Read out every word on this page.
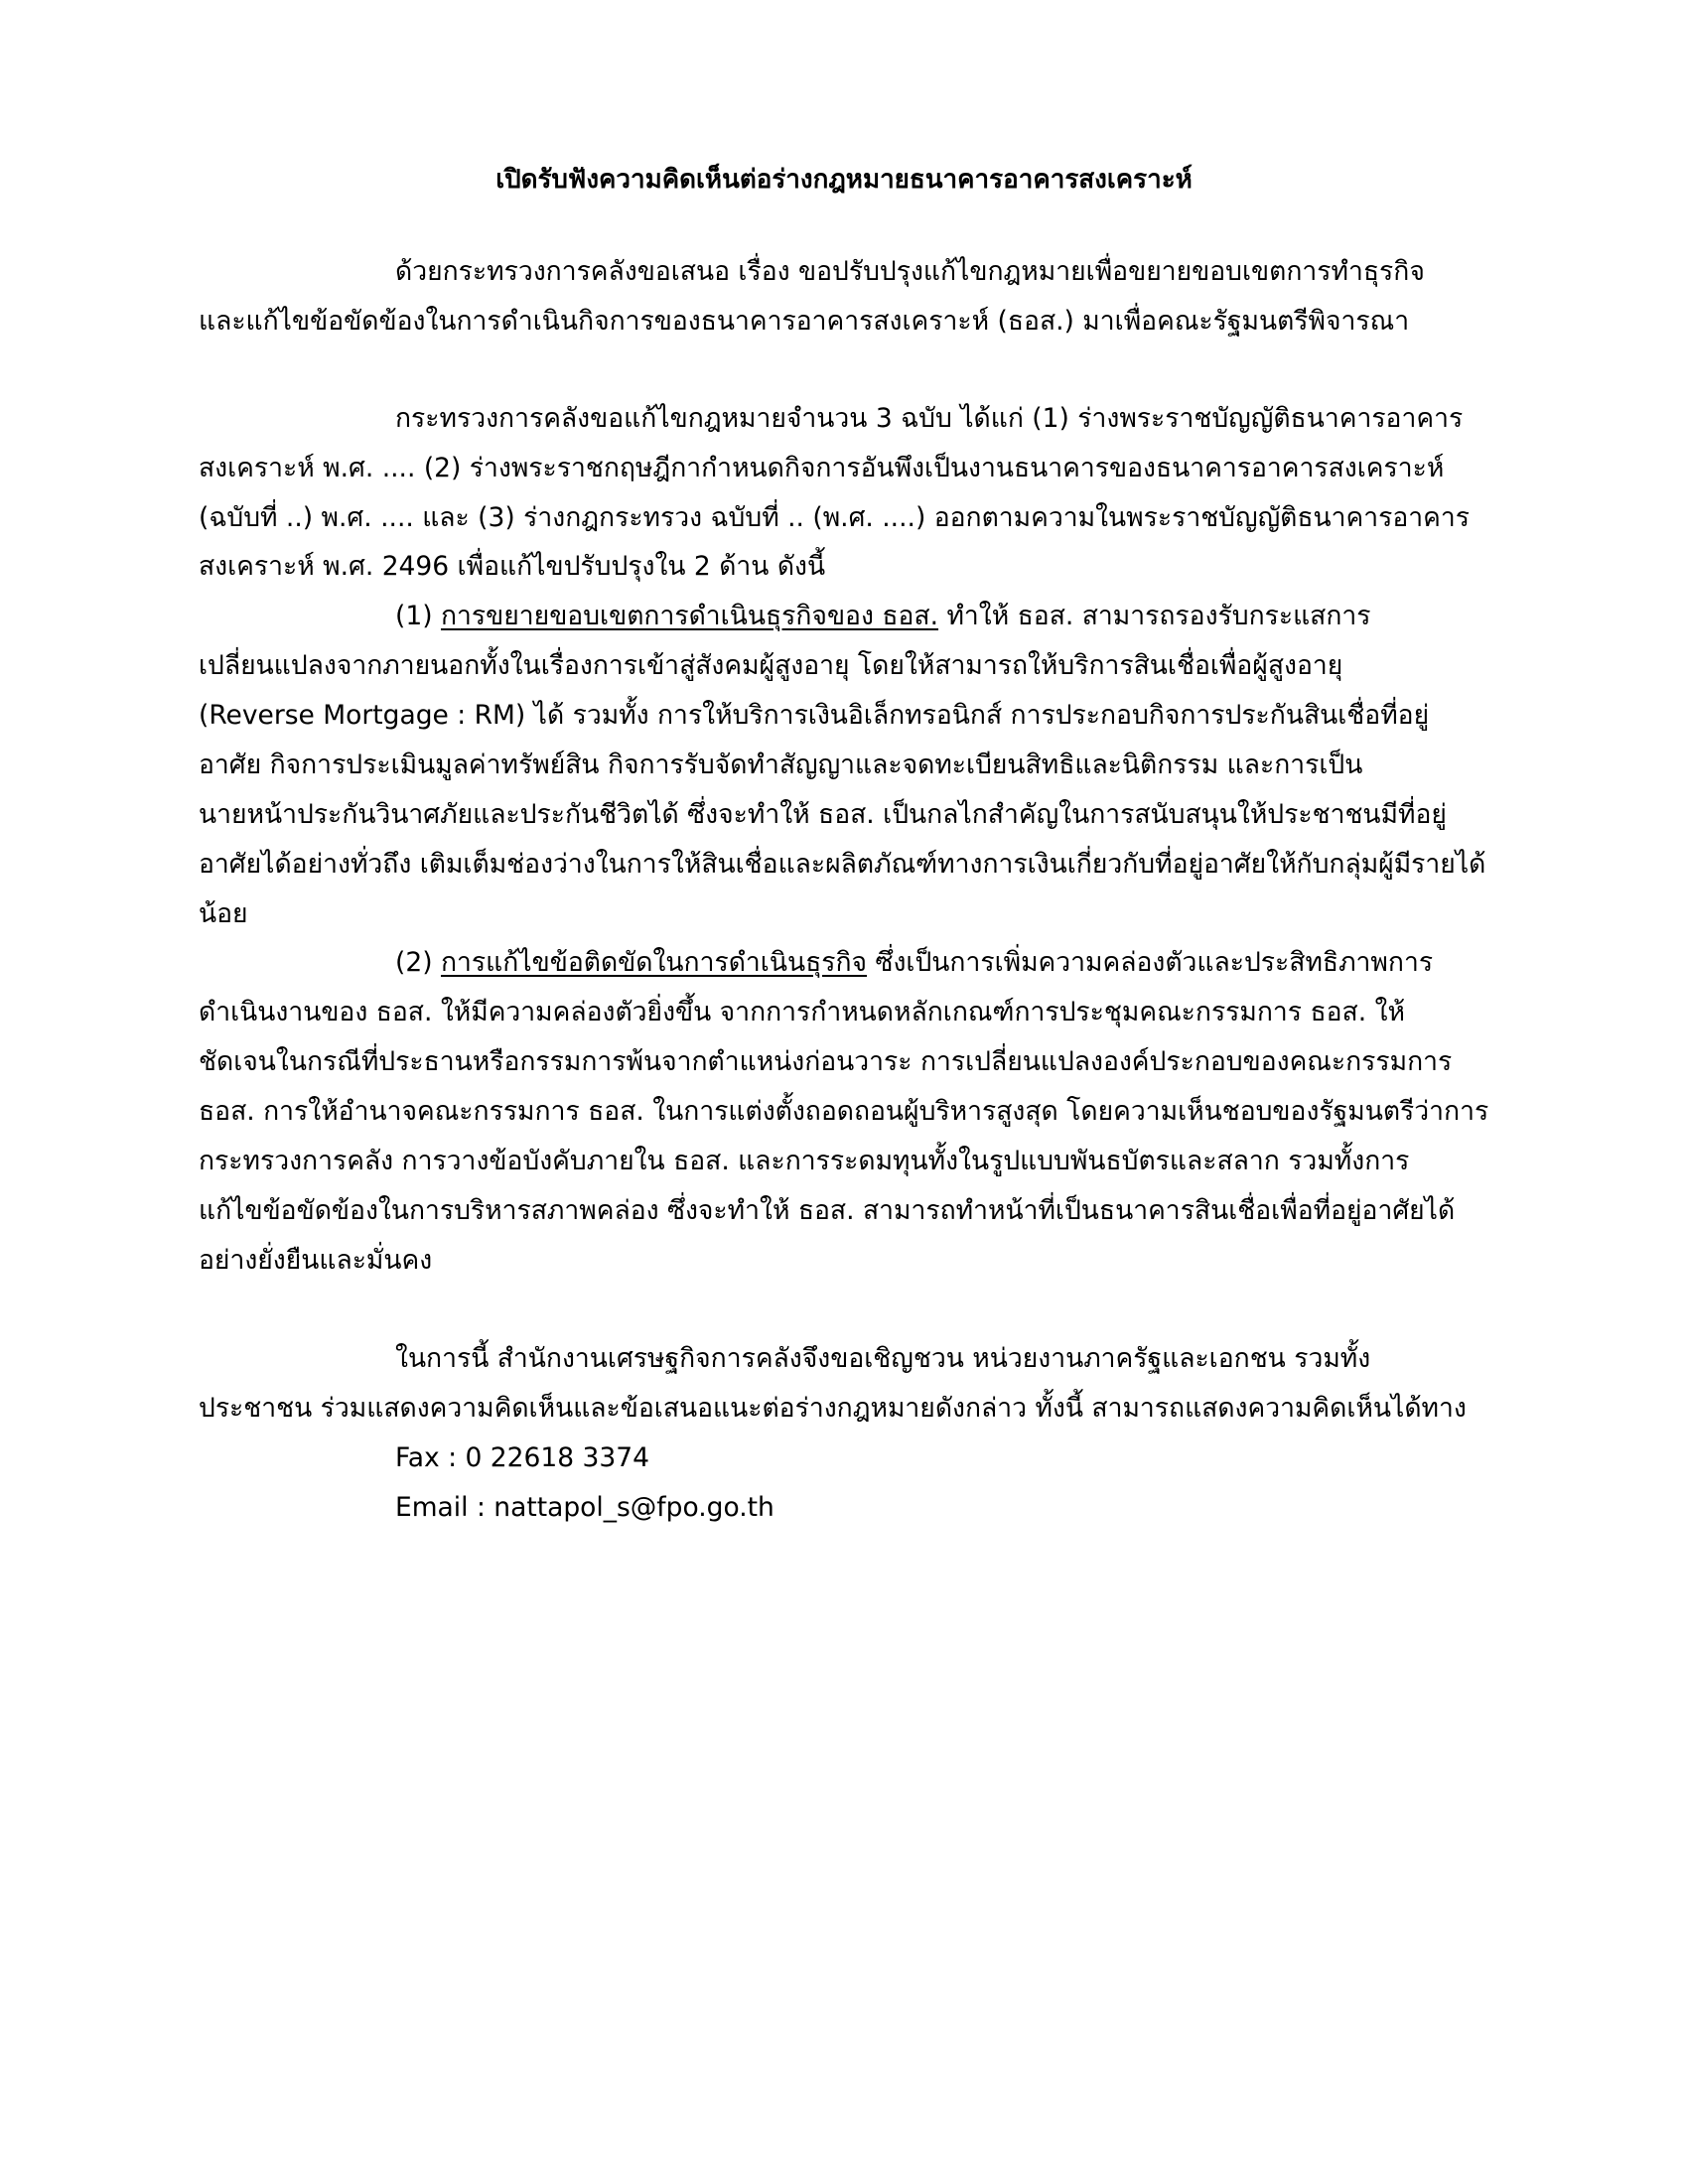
เปิดรับฟังความคิดเห็นต่อร่างกฎหมายธนาคารอาคารสงเคราะห์
ด้วยกระทรวงการคลังขอเสนอ เรื่อง ขอปรับปรุงแก้ไขกฎหมายเพื่อขยายขอบเขตการทำธุรกิจ
และแก้ไขข้อขัดข้องในการดำเนินกิจการของธนาคารอาคารสงเคราะห์ (ธอส.) มาเพื่อคณะรัฐมนตรีพิจารณา
กระทรวงการคลังขอแก้ไขกฎหมายจำนวน 3 ฉบับ ได้แก่ (1) ร่างพระราชบัญญัติธนาคารอาคาร
สงเคราะห์ พ.ศ. .... (2) ร่างพระราชกฤษฎีกากำหนดกิจการอันพึงเป็นงานธนาคารของธนาคารอาคารสงเคราะห์
(ฉบับที่ ..) พ.ศ. .... และ (3) ร่างกฎกระทรวง ฉบับที่ .. (พ.ศ. ....) ออกตามความในพระราชบัญญัติธนาคารอาคาร
สงเคราะห์ พ.ศ. 2496 เพื่อแก้ไขปรับปรุงใน 2 ด้าน ดังนี้
(1) การขยายขอบเขตการดำเนินธุรกิจของ ธอส. ทำให้ ธอส. สามารถรองรับกระแสการ
เปลี่ยนแปลงจากภายนอกทั้งในเรื่องการเข้าสู่สังคมผู้สูงอายุ โดยให้สามารถให้บริการสินเชื่อเพื่อผู้สูงอายุ
(Reverse Mortgage : RM) ได้ รวมทั้ง การให้บริการเงินอิเล็กทรอนิกส์ การประกอบกิจการประกันสินเชื่อที่อยู่
อาศัย กิจการประเมินมูลค่าทรัพย์สิน กิจการรับจัดทำสัญญาและจดทะเบียนสิทธิและนิติกรรม และการเป็น
นายหน้าประกันวินาศภัยและประกันชีวิตได้ ซึ่งจะทำให้ ธอส. เป็นกลไกสำคัญในการสนับสนุนให้ประชาชนมีที่อยู่
อาศัยได้อย่างทั่วถึง เติมเต็มช่องว่างในการให้สินเชื่อและผลิตภัณฑ์ทางการเงินเกี่ยวกับที่อยู่อาศัยให้กับกลุ่มผู้มีรายได้
น้อย
(2) การแก้ไขข้อติดขัดในการดำเนินธุรกิจ ซึ่งเป็นการเพิ่มความคล่องตัวและประสิทธิภาพการ
ดำเนินงานของ ธอส. ให้มีความคล่องตัวยิ่งขึ้น จากการกำหนดหลักเกณฑ์การประชุมคณะกรรมการ ธอส. ให้
ชัดเจนในกรณีที่ประธานหรือกรรมการพ้นจากตำแหน่งก่อนวาระ การเปลี่ยนแปลงองค์ประกอบของคณะกรรมการ
ธอส. การให้อำนาจคณะกรรมการ ธอส. ในการแต่งตั้งถอดถอนผู้บริหารสูงสุด โดยความเห็นชอบของรัฐมนตรีว่าการ
กระทรวงการคลัง การวางข้อบังคับภายใน ธอส. และการระดมทุนทั้งในรูปแบบพันธบัตรและสลาก รวมทั้งการ
แก้ไขข้อขัดข้องในการบริหารสภาพคล่อง ซึ่งจะทำให้ ธอส. สามารถทำหน้าที่เป็นธนาคารสินเชื่อเพื่อที่อยู่อาศัยได้
อย่างยั่งยืนและมั่นคง
ในการนี้ สำนักงานเศรษฐกิจการคลังจึงขอเชิญชวน หน่วยงานภาครัฐและเอกชน รวมทั้ง
ประชาชน ร่วมแสดงความคิดเห็นและข้อเสนอแนะต่อร่างกฎหมายดังกล่าว ทั้งนี้ สามารถแสดงความคิดเห็นได้ทาง
Fax : 0 22618 3374
Email : nattapol_s@fpo.go.th
